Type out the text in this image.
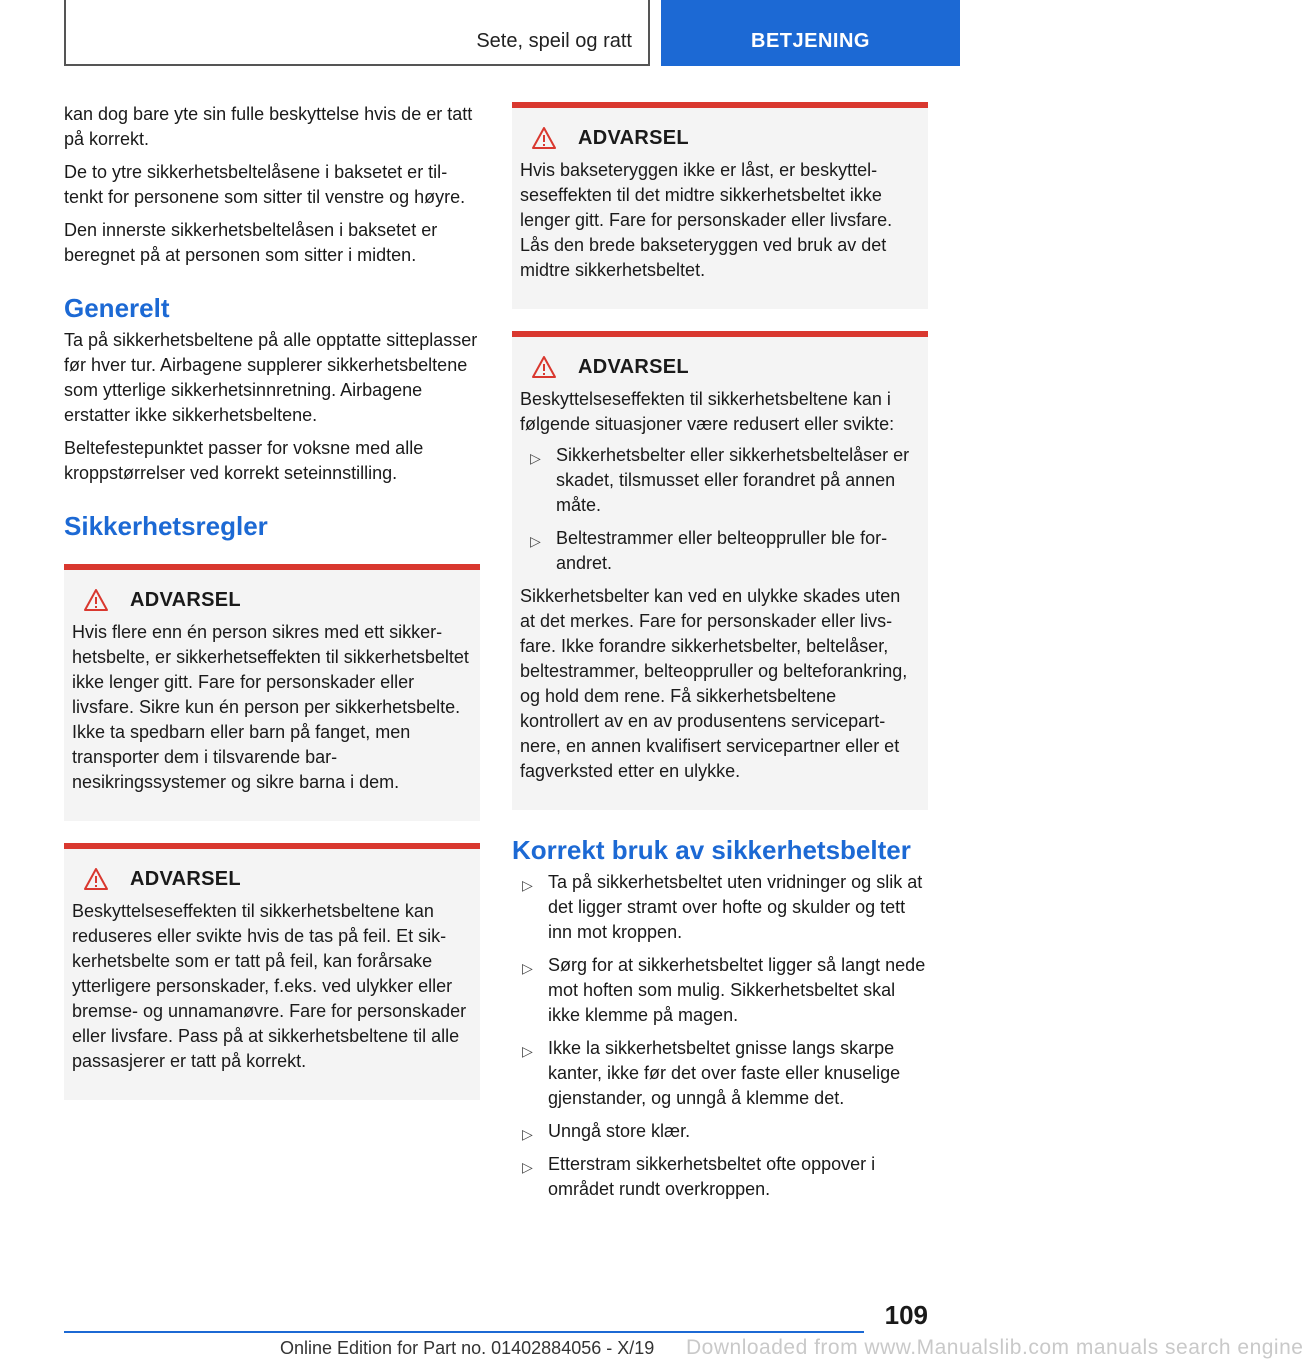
Sete, speil og ratt	BETJENING

kan dog bare yte sin fulle beskyttelse hvis de er tatt på korrekt.

De to ytre sikkerhetsbeltelåsene i baksetet er tiltenkt for personene som sitter til venstre og høyre.

Den innerste sikkerhetsbeltelåsen i baksetet er beregnet på at personen som sitter i midten.

Generelt

Ta på sikkerhetsbeltene på alle opptatte sitteplasser før hver tur. Airbagene supplerer sikkerhetsbeltene som ytterlige sikkerhetsinnretning. Airbagene erstatter ikke sikkerhetsbeltene.

Beltefestepunktet passer for voksne med alle kroppstørrelser ved korrekt seteinnstilling.

Sikkerhetsregler
ADVARSEL

Hvis flere enn én person sikres med ett sikkerhetsbelte, er sikkerhetseffekten til sikkerhetsbeltet ikke lenger gitt. Fare for personskader eller livsfare. Sikre kun én person per sikkerhetsbelte. Ikke ta spedbarn eller barn på fanget, men transporter dem i tilsvarende barnesikringssystemer og sikre barna i dem.

ADVARSEL

Beskyttelseseffekten til sikkerhetsbeltene kan reduseres eller svikte hvis de tas på feil. Et sikkerhetsbelte som er tatt på feil, kan forårsake ytterligere personskader, f.eks. ved ulykker eller bremse- og unnamanøvre. Fare for personskader eller livsfare. Pass på at sikkerhetsbeltene til alle passasjerer er tatt på korrekt.

ADVARSEL

Hvis bakseteryggen ikke er låst, er beskyttelseseffekten til det midtre sikkerhetsbeltet ikke lenger gitt. Fare for personskader eller livsfare. Lås den brede bakseteryggen ved bruk av det midtre sikkerhetsbeltet.

ADVARSEL

Beskyttelseseffekten til sikkerhetsbeltene kan i følgende situasjoner være redusert eller svikte:

▷ Sikkerhetsbelter eller sikkerhetsbeltelåser er skadet, tilsmusset eller forandret på annen måte.
▷ Beltestrammer eller belteoppruller ble forandret.

Sikkerhetsbelter kan ved en ulykke skades uten at det merkes. Fare for personskader eller livsfare. Ikke forandre sikkerhetsbelter, beltelåser, beltestrammer, belteoppruller og belteforankring, og hold dem rene. Få sikkerhetsbeltene kontrollert av en av produsentens servicepartnere, en annen kvalifisert servicepartner eller et fagverksted etter en ulykke.

Korrekt bruk av sikkerhetsbelter
▷ Ta på sikkerhetsbeltet uten vridninger og slik at det ligger stramt over hofte og skulder og tett inn mot kroppen.
▷ Sørg for at sikkerhetsbeltet ligger så langt nede mot hoften som mulig. Sikkerhetsbeltet skal ikke klemme på magen.
▷ Ikke la sikkerhetsbeltet gnisse langs skarpe kanter, ikke før det over faste eller knuselige gjenstander, og unngå å klemme det.
▷ Unngå store klær.
▷ Etterstram sikkerhetsbeltet ofte oppover i området rundt overkroppen.
109
Online Edition for Part no. 01402884056 - X/19 Downloaded from www.Manualslib.com manuals search engine
